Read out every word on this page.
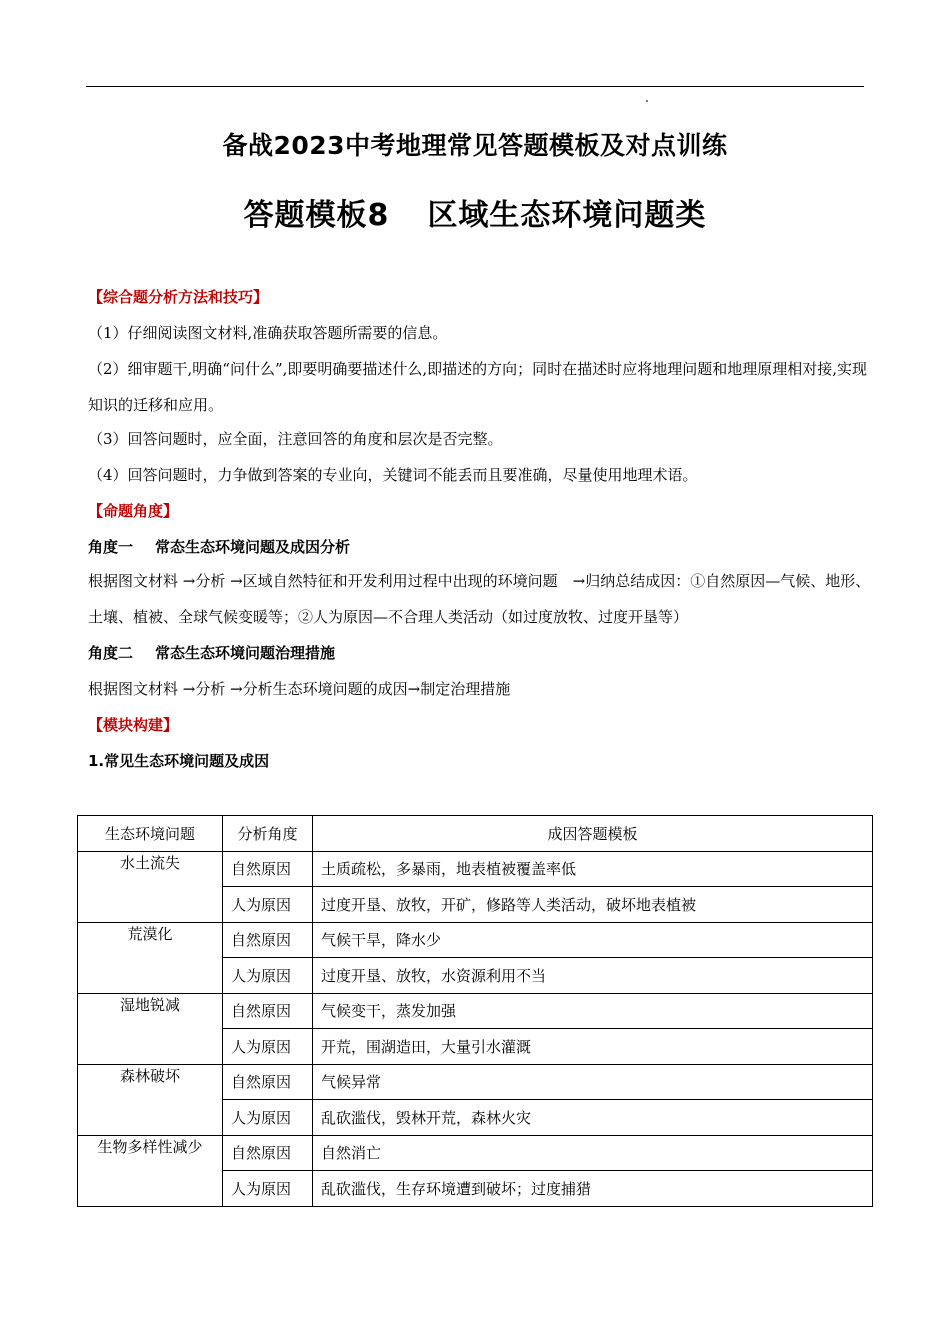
备战2023中考地理常见答题模板及对点训练
答题模板8 区域生态环境问题类

【综合题分析方法和技巧】

（1）仔细阅读图文材料,准确获取答题所需要的信息。

（2）细审题干,明确“问什么”,即要明确要描述什么,即描述的方向；同时在描述时应将地理问题和地理原理相对接,实现知识的迁移和应用。

（3）回答问题时，应全面，注意回答的角度和层次是否完整。

（4）回答问题时，力争做到答案的专业向，关键词不能丢而且要准确，尽量使用地理术语。

【命题角度】

角度一 常态生态环境问题及成因分析

根据图文材料 →分析 →区域自然特征和开发利用过程中出现的环境问题　→归纳总结成因：①自然原因—气候、地形、土壤、植被、全球气候变暖等；②人为原因—不合理人类活动（如过度放牧、过度开垦等）

角度二 常态生态环境问题治理措施

根据图文材料 →分析 →分析生态环境问题的成因→制定治理措施

【模块构建】

1.常见生态环境问题及成因

生态环境问题	分析角度	成因答题模板
水土流失	自然原因	土质疏松，多暴雨，地表植被覆盖率低
	人为原因	过度开垦、放牧，开矿，修路等人类活动，破坏地表植被
荒漠化	自然原因	气候干旱，降水少
	人为原因	过度开垦、放牧，水资源利用不当
湿地锐减	自然原因	气候变干，蒸发加强
	人为原因	开荒，围湖造田，大量引水灌溉
森林破坏	自然原因	气候异常
	人为原因	乱砍滥伐，毁林开荒，森林火灾
生物多样性减少	自然原因	自然消亡
	人为原因	乱砍滥伐，生存环境遭到破坏；过度捕猎
